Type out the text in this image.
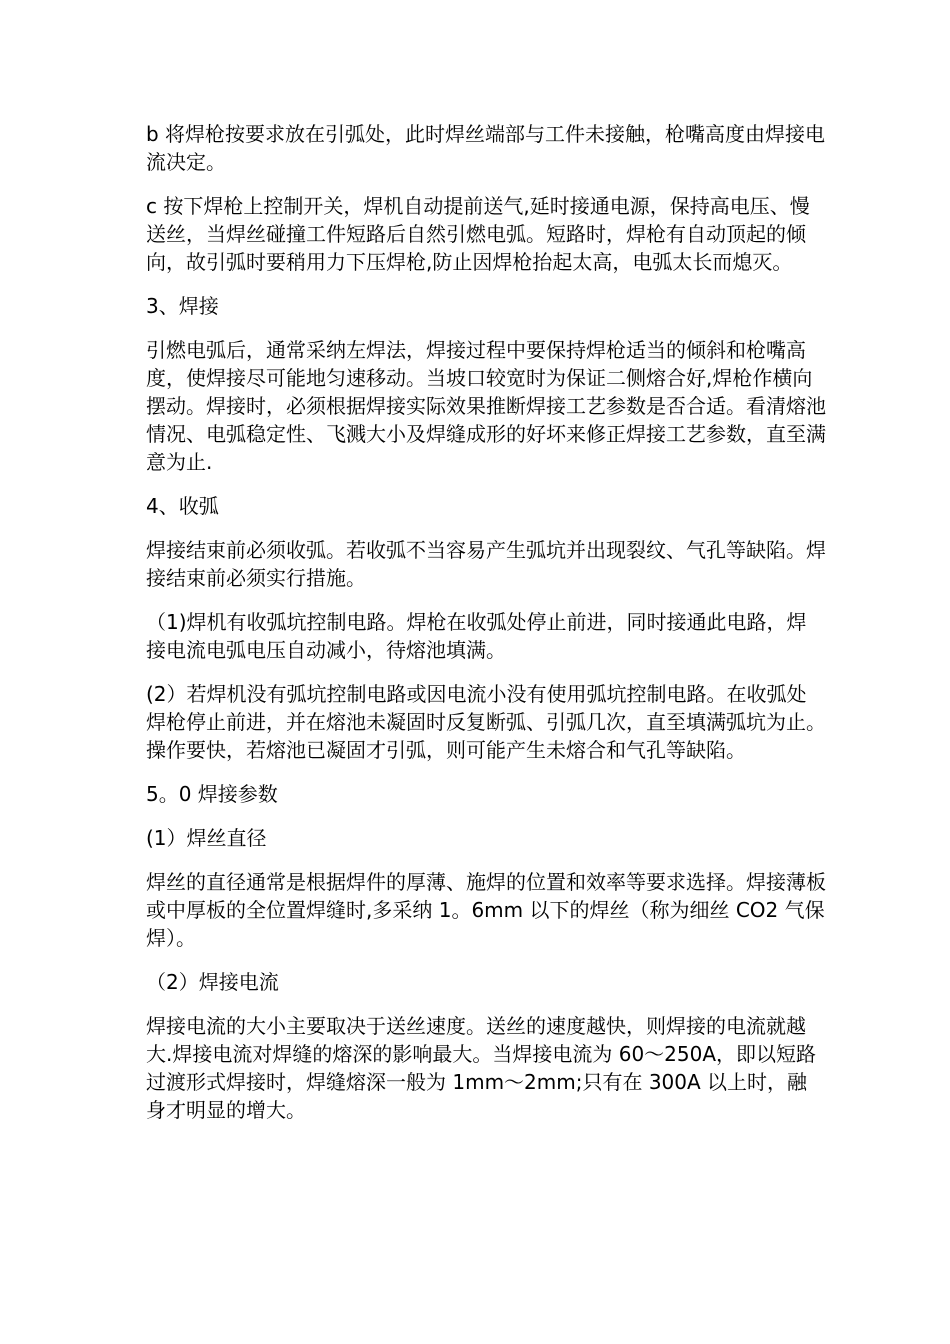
b 将焊枪按要求放在引弧处，此时焊丝端部与工件未接触，枪嘴高度由焊接电流决定。

c 按下焊枪上控制开关，焊机自动提前送气,延时接通电源，保持高电压、慢送丝，当焊丝碰撞工件短路后自然引燃电弧。短路时，焊枪有自动顶起的倾向，故引弧时要稍用力下压焊枪,防止因焊枪抬起太高，电弧太长而熄灭。

3、焊接

引燃电弧后，通常采纳左焊法，焊接过程中要保持焊枪适当的倾斜和枪嘴高度，使焊接尽可能地匀速移动。当坡口较宽时为保证二侧熔合好,焊枪作横向摆动。焊接时，必须根据焊接实际效果推断焊接工艺参数是否合适。看清熔池情况、电弧稳定性、飞溅大小及焊缝成形的好坏来修正焊接工艺参数，直至满意为止.

4、收弧

焊接结束前必须收弧。若收弧不当容易产生弧坑并出现裂纹、气孔等缺陷。焊接结束前必须实行措施。

（1)焊机有收弧坑控制电路。焊枪在收弧处停止前进，同时接通此电路，焊接电流电弧电压自动减小，待熔池填满。

(2）若焊机没有弧坑控制电路或因电流小没有使用弧坑控制电路。在收弧处焊枪停止前进，并在熔池未凝固时反复断弧、引弧几次，直至填满弧坑为止。操作要快，若熔池已凝固才引弧，则可能产生未熔合和气孔等缺陷。

5。0 焊接参数

(1）焊丝直径

焊丝的直径通常是根据焊件的厚薄、施焊的位置和效率等要求选择。焊接薄板或中厚板的全位置焊缝时,多采纳 1。6mm 以下的焊丝（称为细丝 CO2 气保焊）。

（2）焊接电流

焊接电流的大小主要取决于送丝速度。送丝的速度越快，则焊接的电流就越大.焊接电流对焊缝的熔深的影响最大。当焊接电流为 60～250A，即以短路过渡形式焊接时，焊缝熔深一般为 1mm～2mm;只有在 300A 以上时，融身才明显的增大。
